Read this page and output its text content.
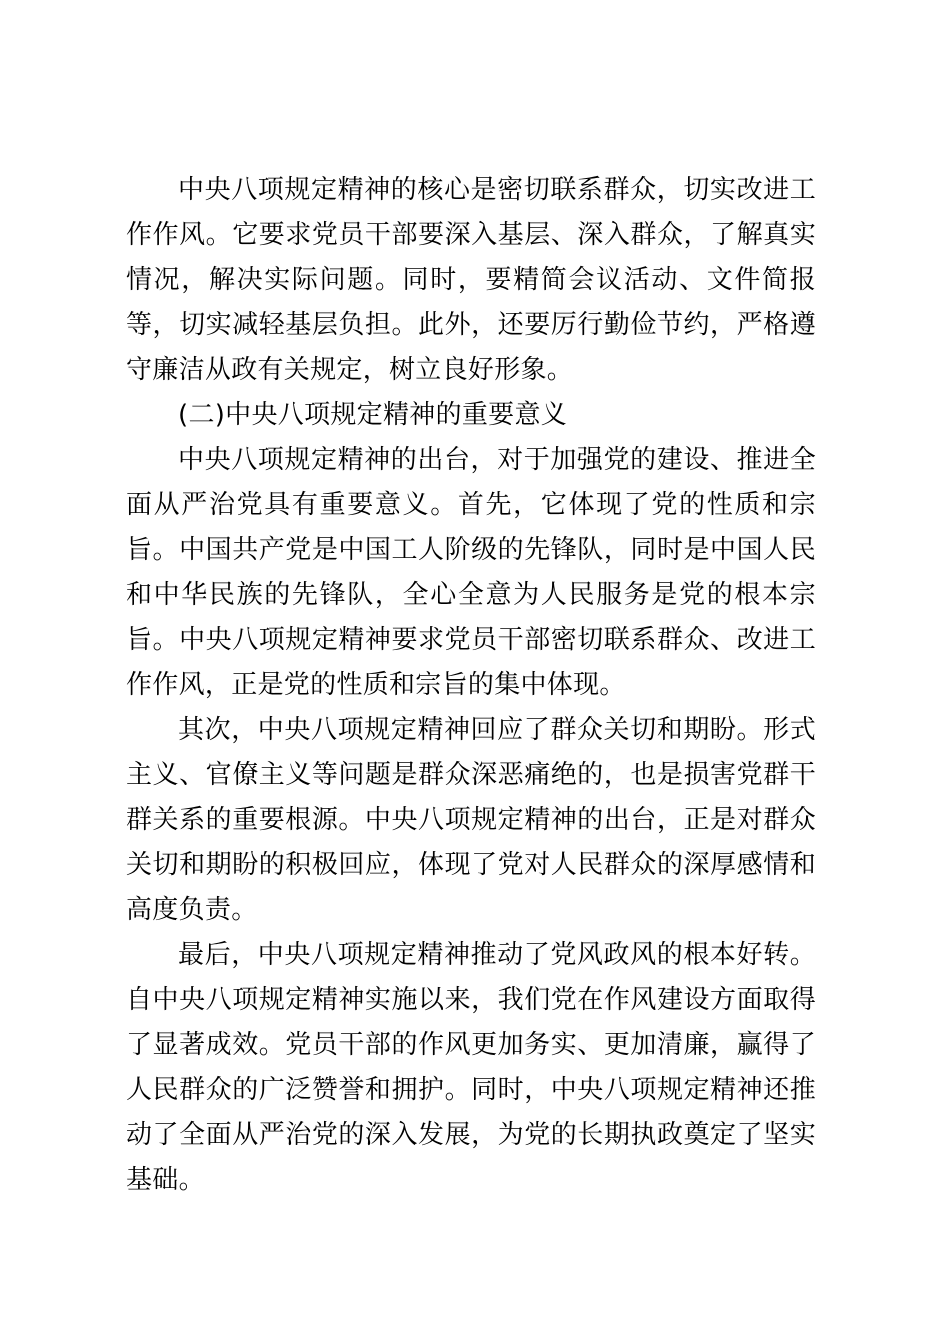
中央八项规定精神的核心是密切联系群众，切实改进工作作风。它要求党员干部要深入基层、深入群众，了解真实情况，解决实际问题。同时，要精简会议活动、文件简报等，切实减轻基层负担。此外，还要厉行勤俭节约，严格遵守廉洁从政有关规定，树立良好形象。

(二)中央八项规定精神的重要意义

中央八项规定精神的出台，对于加强党的建设、推进全面从严治党具有重要意义。首先，它体现了党的性质和宗旨。中国共产党是中国工人阶级的先锋队，同时是中国人民和中华民族的先锋队，全心全意为人民服务是党的根本宗旨。中央八项规定精神要求党员干部密切联系群众、改进工作作风，正是党的性质和宗旨的集中体现。

其次，中央八项规定精神回应了群众关切和期盼。形式主义、官僚主义等问题是群众深恶痛绝的，也是损害党群干群关系的重要根源。中央八项规定精神的出台，正是对群众关切和期盼的积极回应，体现了党对人民群众的深厚感情和高度负责。

最后，中央八项规定精神推动了党风政风的根本好转。自中央八项规定精神实施以来，我们党在作风建设方面取得了显著成效。党员干部的作风更加务实、更加清廉，赢得了人民群众的广泛赞誉和拥护。同时，中央八项规定精神还推动了全面从严治党的深入发展，为党的长期执政奠定了坚实基础。
